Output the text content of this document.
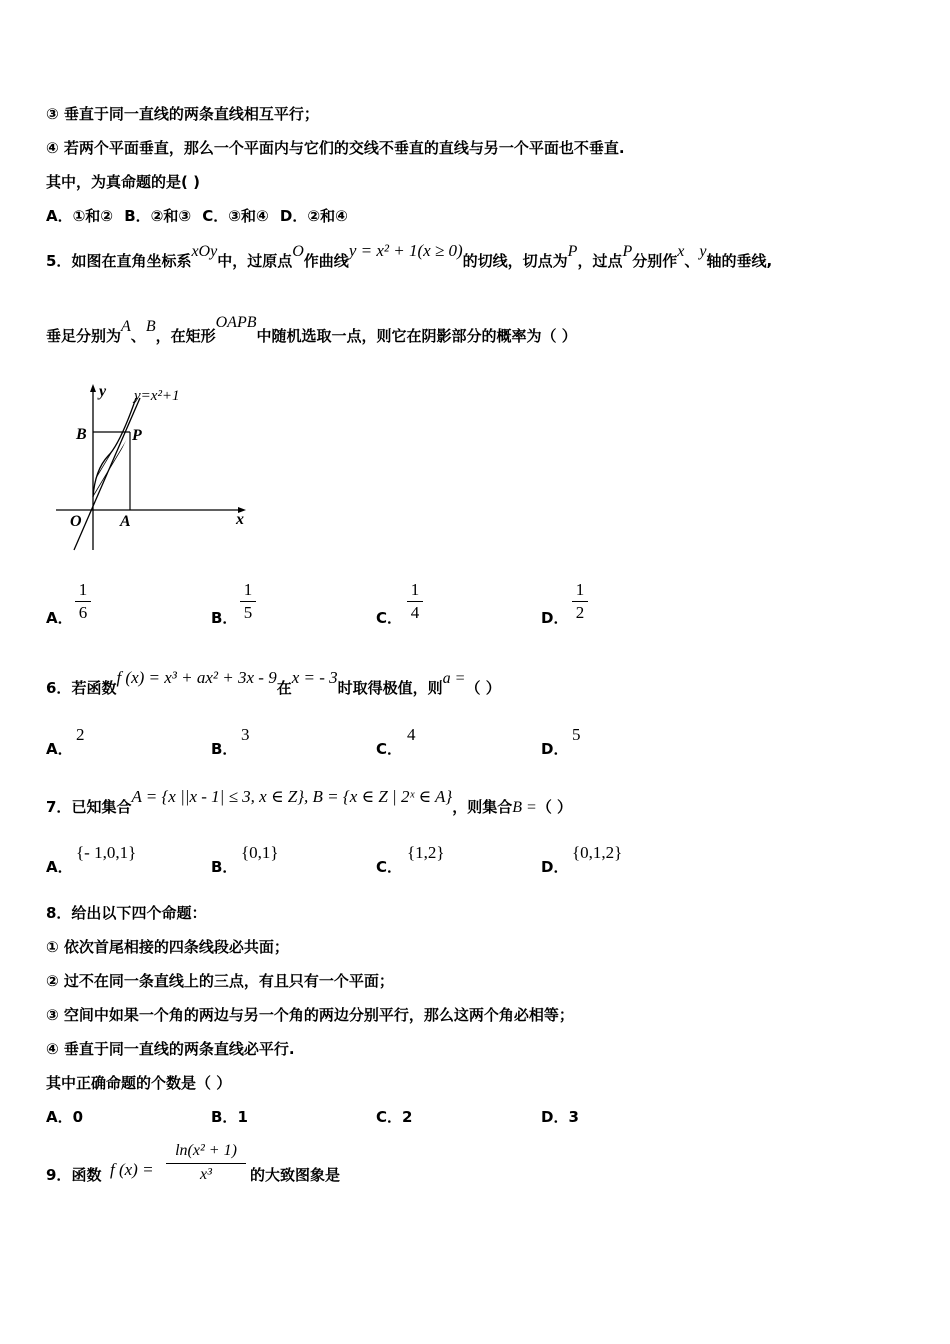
③ 垂直于同一直线的两条直线相互平行；
④ 若两个平面垂直，那么一个平面内与它们的交线不垂直的直线与另一个平面也不垂直.
其中，为真命题的是( )
A．①和② B．②和③ C．③和④ D．②和④
5．如图在直角坐标系xOy中，过原点O作曲线y = x² + 1(x ≥ 0)的切线，切点为P，过点P分别作x、y轴的垂线,
垂足分别为A、B，在矩形OAPB中随机选取一点，则它在阴影部分的概率为（ ）
y y=x²+1
B	P
O A	x
A．
1
6	B．
1
5	C．
1
4	D．
1
2
6．若函数f (x) = x³ + ax² + 3x - 9在x = - 3时取得极值，则a =（ ）
A．
2
B．
3
C．
4
D．
5
7．已知集合A = {x ||x - 1| ≤ 3, x ∈ Z}, B = {x ∈ Z | 2ˣ ∈ A}，则集合B =（ ）
A．
{- 1,0,1}
B．
{0,1}
C．
{1,2}
D．
{0,1,2}
8．给出以下四个命题：
① 依次首尾相接的四条线段必共面；
② 过不在同一条直线上的三点，有且只有一个平面；
③ 空间中如果一个角的两边与另一个角的两边分别平行，那么这两个角必相等；
④ 垂直于同一直线的两条直线必平行.
其中正确命题的个数是（ ）
A．0	B．1	C．2	D．3
9．函数 f (x) =
ln(x² + 1)
x³	的大致图象是
